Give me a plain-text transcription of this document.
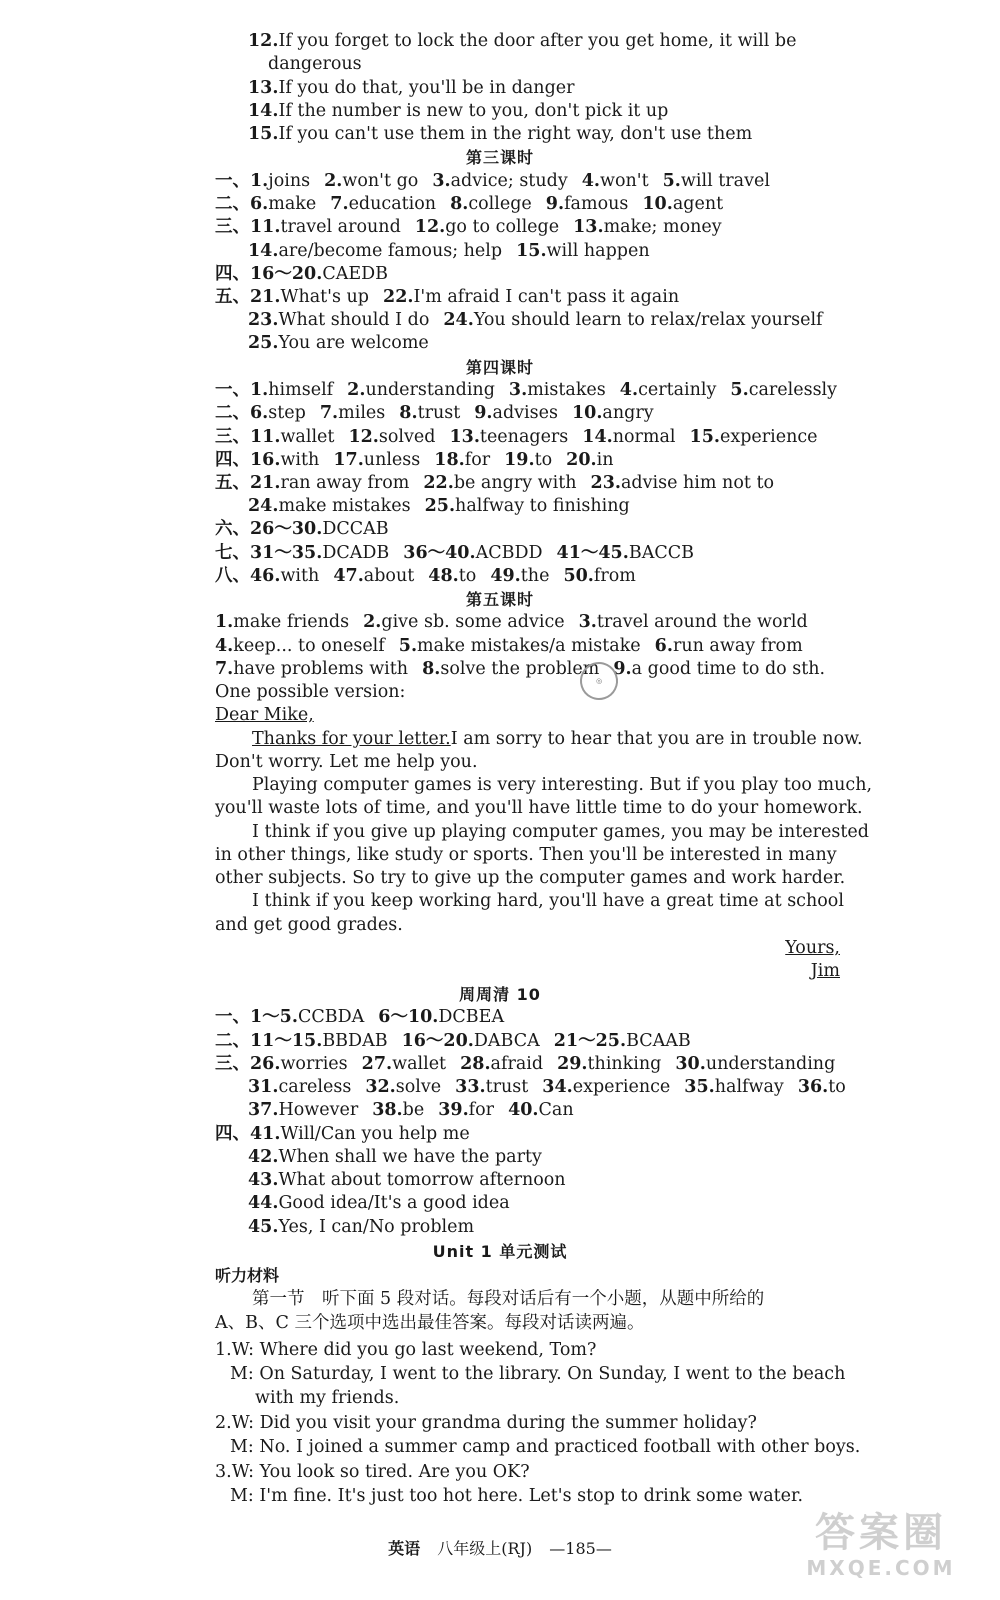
12.If you forget to lock the door after you get home, it will be
dangerous
13.If you do that, you'll be in danger
14.If the number is new to you, don't pick it up
15.If you can't use them in the right way, don't use them
第三课时
一、1.joins 2.won't go 3.advice; study 4.won't 5.will travel
二、6.make 7.education 8.college 9.famous 10.agent
三、11.travel around 12.go to college 13.make; money
14.are/become famous; help 15.will happen
四、16～20.CAEDB
五、21.What's up 22.I'm afraid I can't pass it again
23.What should I do 24.You should learn to relax/relax yourself
25.You are welcome
第四课时
一、1.himself 2.understanding 3.mistakes 4.certainly 5.carelessly
二、6.step 7.miles 8.trust 9.advises 10.angry
三、11.wallet 12.solved 13.teenagers 14.normal 15.experience
四、16.with 17.unless 18.for 19.to 20.in
五、21.ran away from 22.be angry with 23.advise him not to
24.make mistakes 25.halfway to finishing
六、26～30.DCCAB
七、31～35.DCADB 36～40.ACBDD 41～45.BACCB
八、46.with 47.about 48.to 49.the 50.from
第五课时
1.make friends 2.give sb. some advice 3.travel around the world
4.keep... to oneself 5.make mistakes/a mistake 6.run away from
7.have problems with 8.solve the problem 9.a good time to do sth.
◎
One possible version:
Dear Mike,
Thanks for your letter.I am sorry to hear that you are in trouble now.
Don't worry. Let me help you.
Playing computer games is very interesting. But if you play too much,
you'll waste lots of time, and you'll have little time to do your homework.
I think if you give up playing computer games, you may be interested
in other things, like study or sports. Then you'll be interested in many
other subjects. So try to give up the computer games and work harder.
I think if you keep working hard, you'll have a great time at school
and get good grades.
Yours,
Jim
周周清 10
一、1～5.CCBDA 6～10.DCBEA
二、11～15.BBDAB 16～20.DABCA 21～25.BCAAB
三、26.worries 27.wallet 28.afraid 29.thinking 30.understanding
31.careless 32.solve 33.trust 34.experience 35.halfway 36.to
37.However 38.be 39.for 40.Can
四、41.Will/Can you help me
42.When shall we have the party
43.What about tomorrow afternoon
44.Good idea/It's a good idea
45.Yes, I can/No problem
Unit 1 单元测试
听力材料
第一节　听下面 5 段对话。每段对话后有一个小题，从题中所给的
A、B、C 三个选项中选出最佳答案。每段对话读两遍。
1.W: Where did you go last weekend, Tom?
M: On Saturday, I went to the library. On Sunday, I went to the beach
with my friends.
2.W: Did you visit your grandma during the summer holiday?
M: No. I joined a summer camp and practiced football with other boys.
3.W: You look so tired. Are you OK?
M: I'm fine. It's just too hot here. Let's stop to drink some water.
英语 八年级上(RJ) —185—	答案圈
MXQE.COM
